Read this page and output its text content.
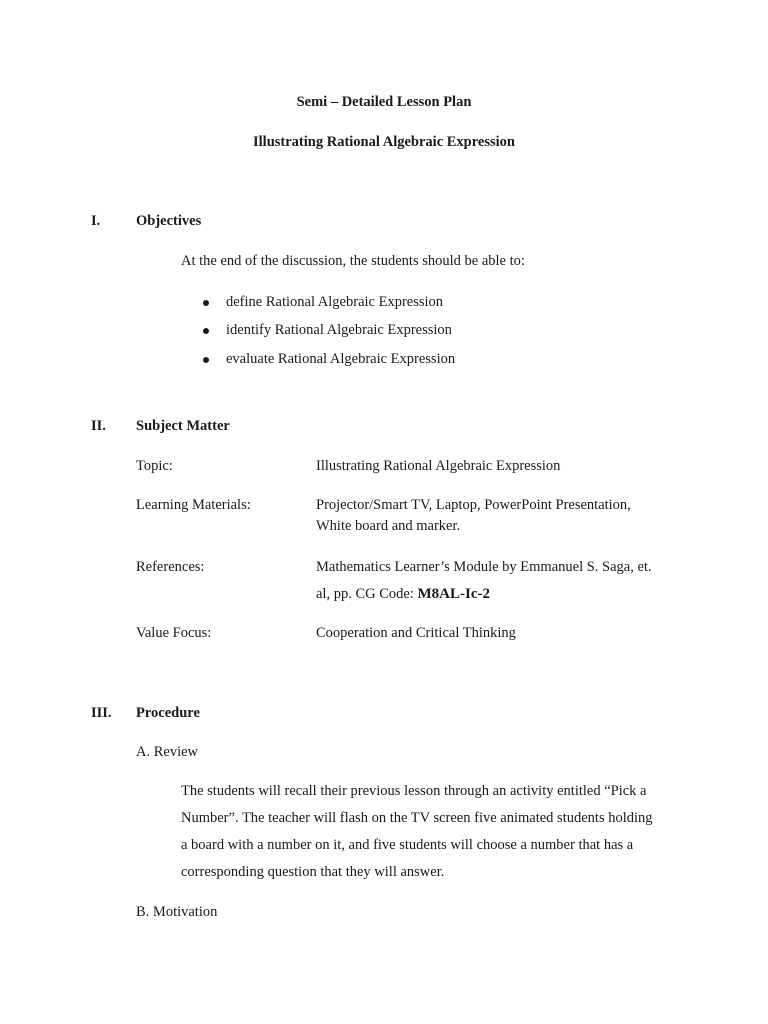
Semi – Detailed Lesson Plan
Illustrating Rational Algebraic Expression
I. Objectives
At the end of the discussion, the students should be able to:
define Rational Algebraic Expression
identify Rational Algebraic Expression
evaluate Rational Algebraic Expression
II. Subject Matter
Topic:	Illustrating Rational Algebraic Expression
Learning Materials:	Projector/Smart TV, Laptop, PowerPoint Presentation,
White board and marker.
References:	Mathematics Learner’s Module by Emmanuel S. Saga, et.
al, pp. CG Code: M8AL-Ic-2
Value Focus:	Cooperation and Critical Thinking
III. Procedure
A. Review
The students will recall their previous lesson through an activity entitled “Pick a
Number”. The teacher will flash on the TV screen five animated students holding
a board with a number on it, and five students will choose a number that has a
corresponding question that they will answer.
B. Motivation
